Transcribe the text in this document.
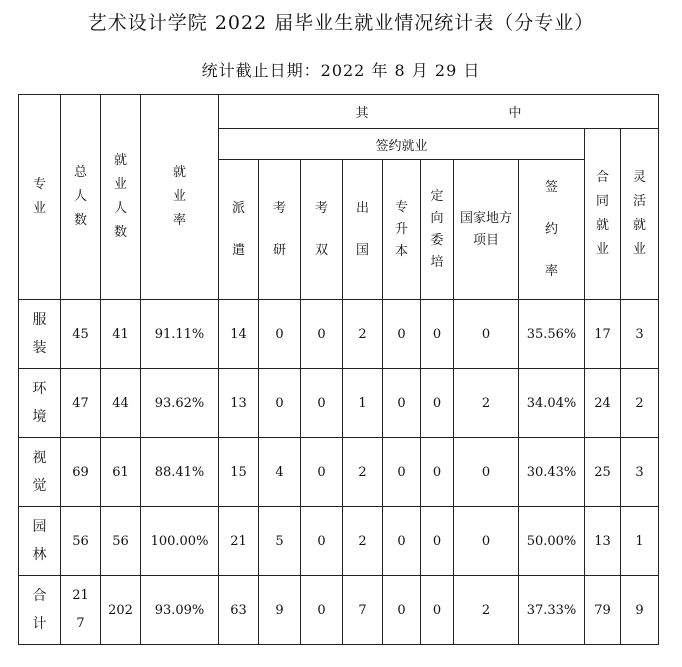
艺术设计学院 2022 届毕业生就业情况统计表（分专业）
统计截止日期：2022 年 8 月 29 日
专业	总人数	就业人数	就业率	其 中									
				签约就业								合同就业	灵活就业
				派遣	考研	考双	出国	专升本	定向委培	国家地方项目	签约率		
服装	45	41	91.11%	14	0	0	2	0	0	0	35.56%	17	3
环境	47	44	93.62%	13	0	0	1	0	0	2	34.04%	24	2
视觉	69	61	88.41%	15	4	0	2	0	0	0	30.43%	25	3
园林	56	56	100.00%	21	5	0	2	0	0	0	50.00%	13	1
合计	217	202	93.09%	63	9	0	7	0	0	2	37.33%	79	9
